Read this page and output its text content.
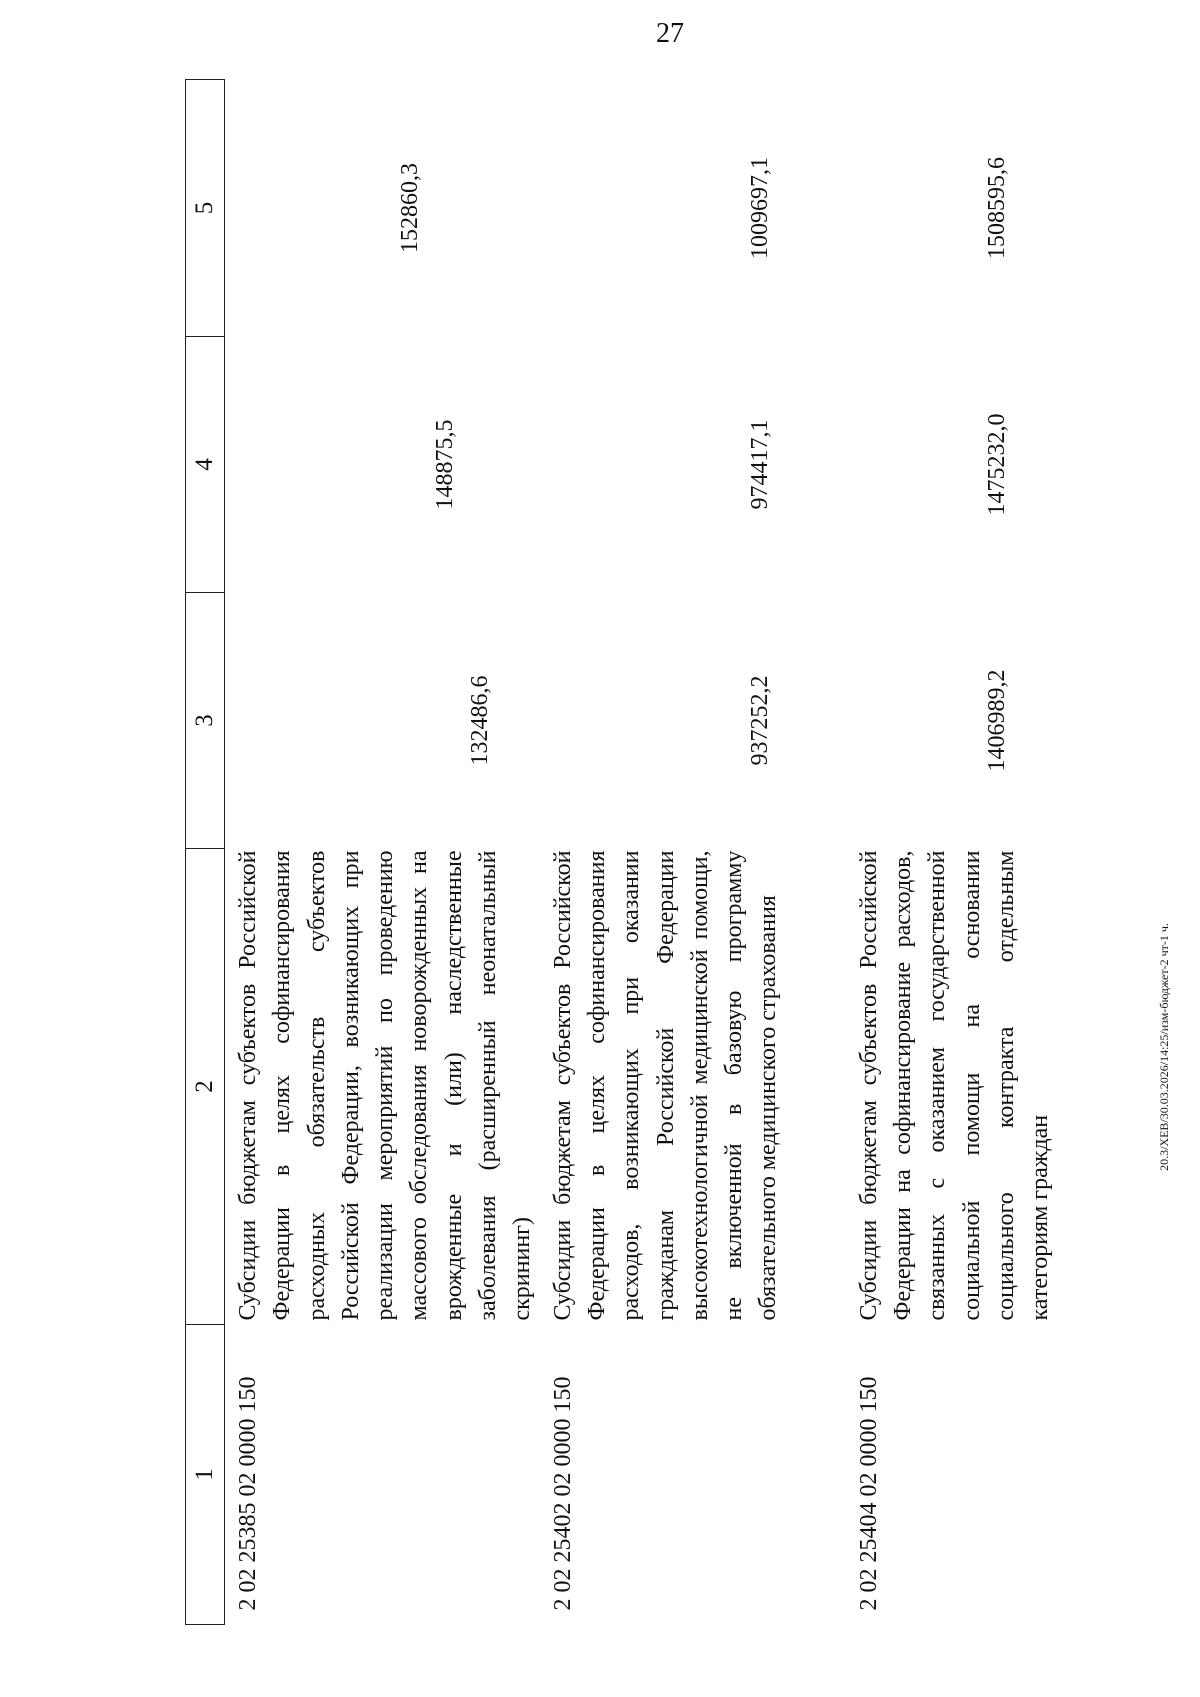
27
1	2	3	4	5
2 02 25385 02 0000 150	Субсидии бюджетам субъектов Российской Федерации в целях софинансирования расходных обязательств субъектов Российской Федерации, возникающих при реализации мероприятий по проведению массового обследования новорожденных на врожденные и (или) наследственные заболевания (расширенный неонатальный скрининг)	132486,6	148875,5	152860,3

2 02 25402 02 0000 150	Субсидии бюджетам субъектов Российской Федерации в целях софинансирования расходов, возникающих при оказании гражданам Российской Федерации высокотехнологичной медицинской помощи, не включенной в базовую программу обязательного медицинского страхования	937252,2	974417,1	1009697,1

2 02 25404 02 0000 150	Субсидии бюджетам субъектов Российской Федерации на софинансирование расходов, связанных с оказанием государственной социальной помощи на основании социального контракта отдельным категориям граждан	1406989,2	1475232,0	1508595,6
20.3/XEB/30.03.2026/14:25/изм-бюджет-2 чт-1 ч.
